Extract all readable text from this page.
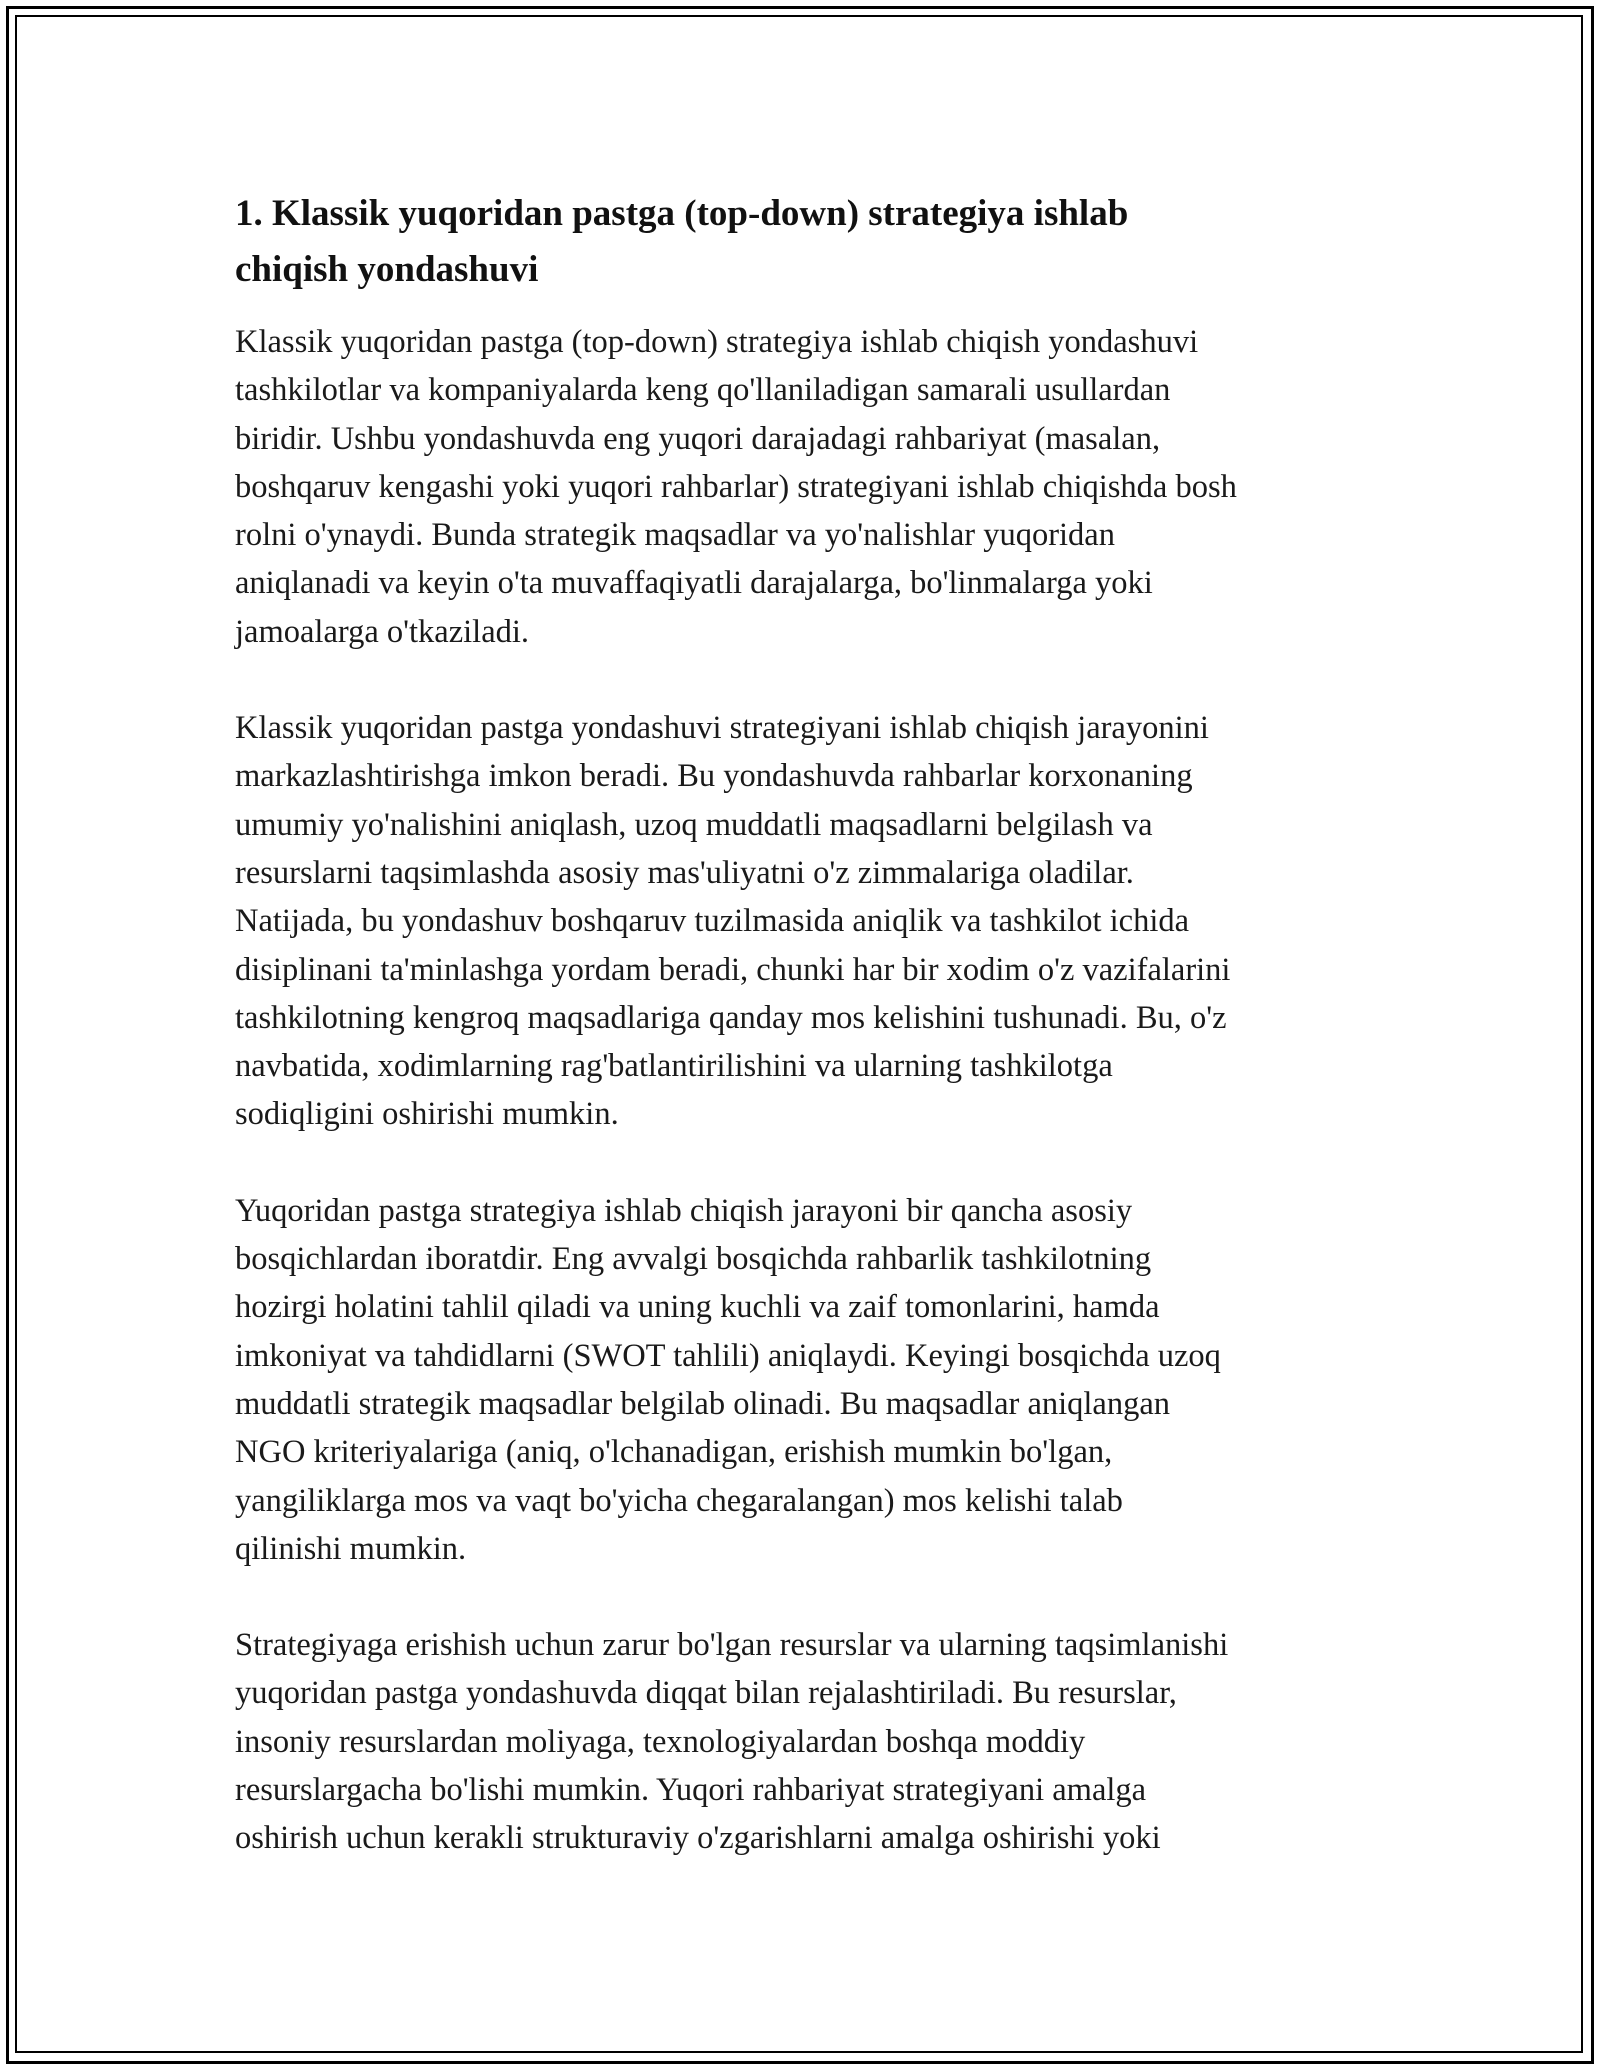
1. Klassik yuqoridan pastga (top-down) strategiya ishlab
chiqish yondashuvi

Klassik yuqoridan pastga (top-down) strategiya ishlab chiqish yondashuvi
tashkilotlar va kompaniyalarda keng qo'llaniladigan samarali usullardan
biridir. Ushbu yondashuvda eng yuqori darajadagi rahbariyat (masalan,
boshqaruv kengashi yoki yuqori rahbarlar) strategiyani ishlab chiqishda bosh
rolni o'ynaydi. Bunda strategik maqsadlar va yo'nalishlar yuqoridan
aniqlanadi va keyin o'ta muvaffaqiyatli darajalarga, bo'linmalarga yoki
jamoalarga o'tkaziladi.

Klassik yuqoridan pastga yondashuvi strategiyani ishlab chiqish jarayonini
markazlashtirishga imkon beradi. Bu yondashuvda rahbarlar korxonaning
umumiy yo'nalishini aniqlash, uzoq muddatli maqsadlarni belgilash va
resurslarni taqsimlashda asosiy mas'uliyatni o'z zimmalariga oladilar.
Natijada, bu yondashuv boshqaruv tuzilmasida aniqlik va tashkilot ichida
disiplinani ta'minlashga yordam beradi, chunki har bir xodim o'z vazifalarini
tashkilotning kengroq maqsadlariga qanday mos kelishini tushunadi. Bu, o'z
navbatida, xodimlarning rag'batlantirilishini va ularning tashkilotga
sodiqligini oshirishi mumkin.

Yuqoridan pastga strategiya ishlab chiqish jarayoni bir qancha asosiy
bosqichlardan iboratdir. Eng avvalgi bosqichda rahbarlik tashkilotning
hozirgi holatini tahlil qiladi va uning kuchli va zaif tomonlarini, hamda
imkoniyat va tahdidlarni (SWOT tahlili) aniqlaydi. Keyingi bosqichda uzoq
muddatli strategik maqsadlar belgilab olinadi. Bu maqsadlar aniqlangan
NGO kriteriyalariga (aniq, o'lchanadigan, erishish mumkin bo'lgan,
yangiliklarga mos va vaqt bo'yicha chegaralangan) mos kelishi talab
qilinishi mumkin.

Strategiyaga erishish uchun zarur bo'lgan resurslar va ularning taqsimlanishi
yuqoridan pastga yondashuvda diqqat bilan rejalashtiriladi. Bu resurslar,
insoniy resurslardan moliyaga, texnologiyalardan boshqa moddiy
resurslargacha bo'lishi mumkin. Yuqori rahbariyat strategiyani amalga
oshirish uchun kerakli strukturaviy o'zgarishlarni amalga oshirishi yoki
